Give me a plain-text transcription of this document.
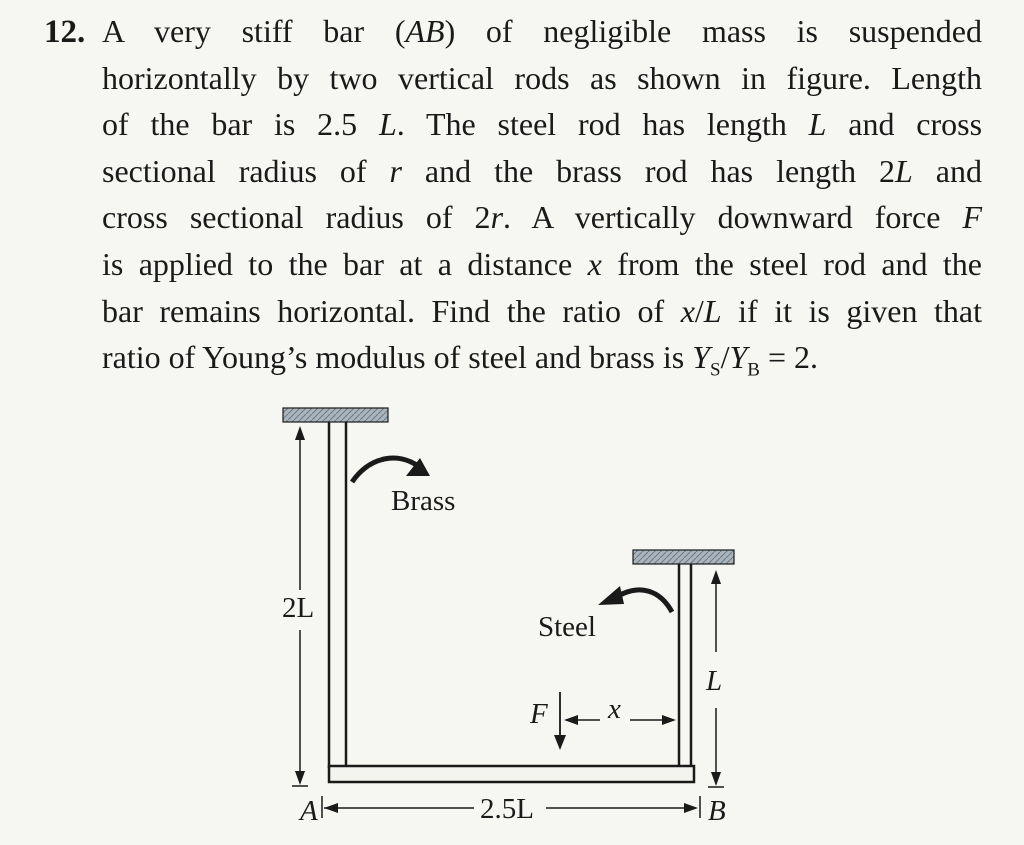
12. A very stiff bar (AB) of negligible mass is suspended
horizontally by two vertical rods as shown in figure. Length
of the bar is 2.5 L. The steel rod has length L and cross
sectional radius of r and the brass rod has length 2L and
cross sectional radius of 2r. A vertically downward force F
is applied to the bar at a distance x from the steel rod and the
bar remains horizontal. Find the ratio of x/L if it is given that
ratio of Young’s modulus of steel and brass is $Y_S/Y_B = 2$.
2L
L
Brass
Steel
F x
2.5L
A	B
